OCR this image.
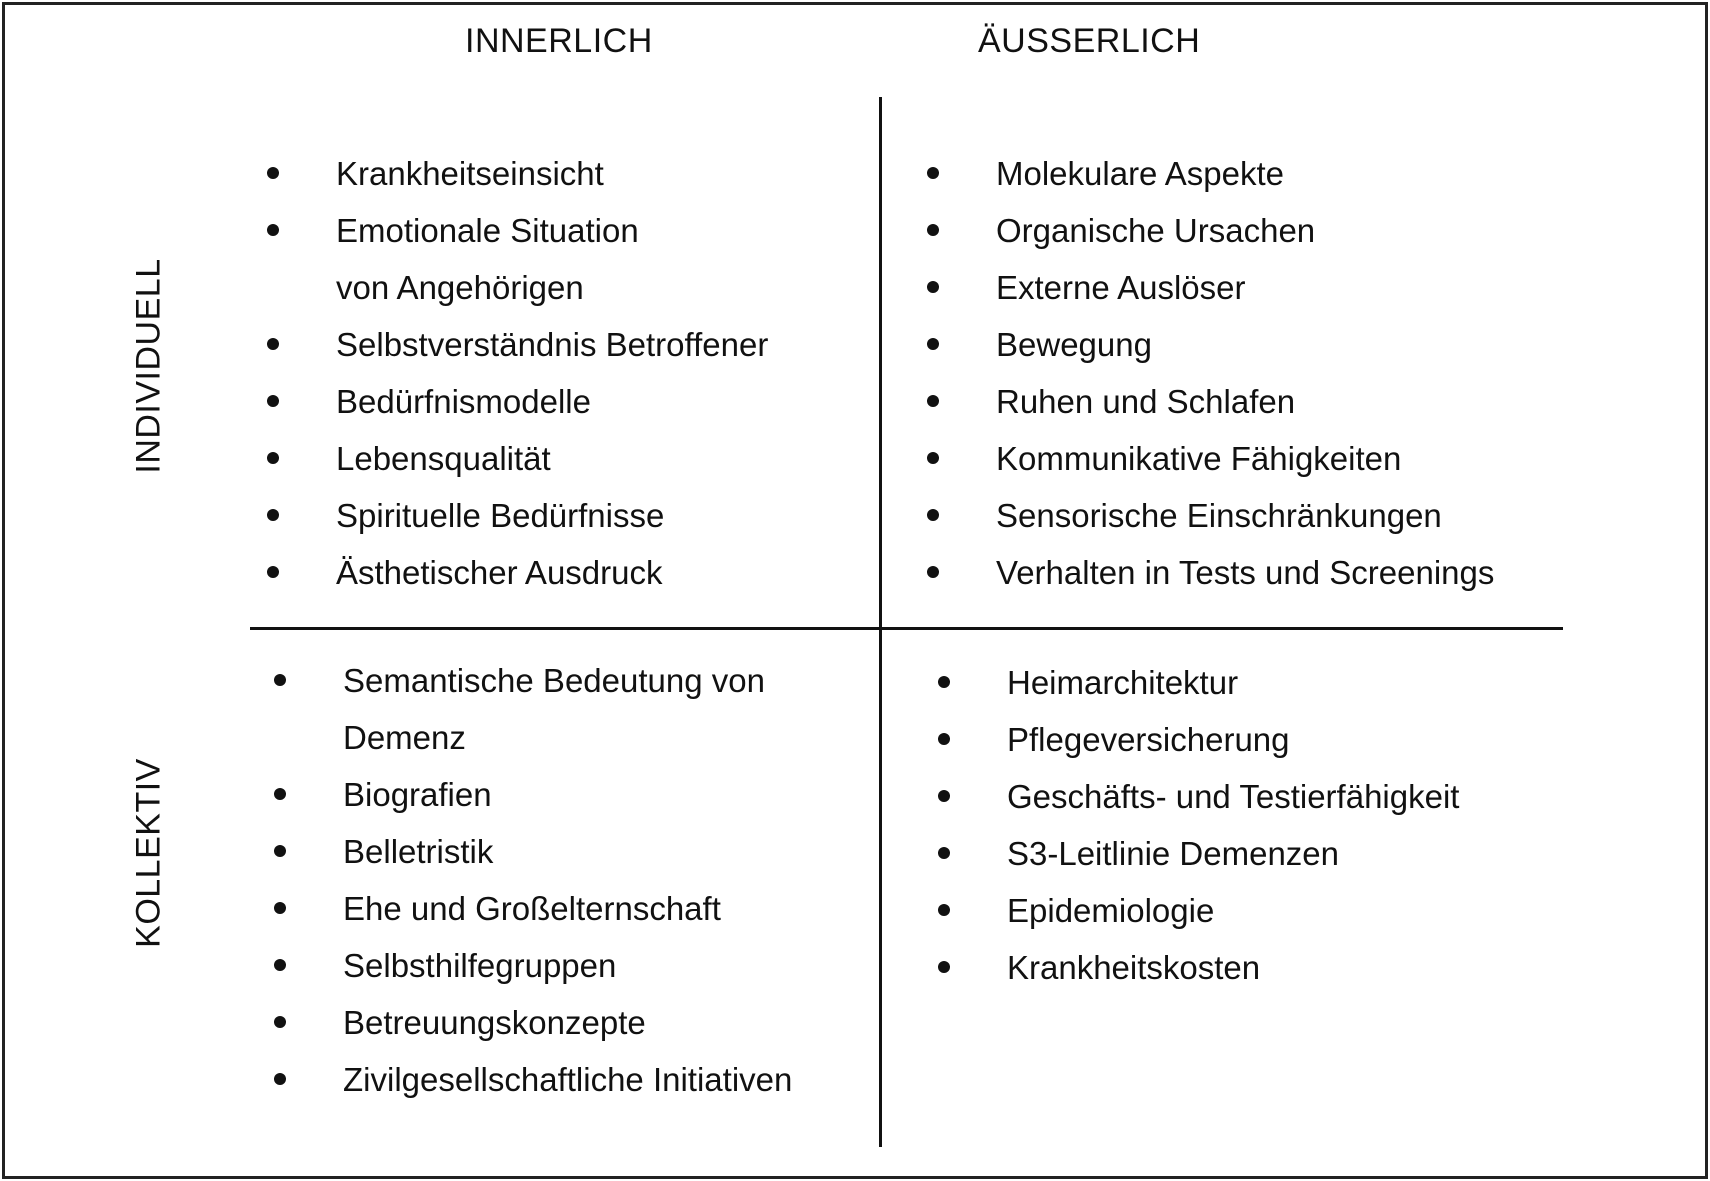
INNERLICH	ÄUSSERLICH
INDIVIDUELL
KOLLEKTIV
Krankheitseinsicht
Emotionale Situation
von Angehörigen
Selbstverständnis Betroffener
Bedürfnismodelle
Lebensqualität
Spirituelle Bedürfnisse
Ästhetischer Ausdruck
Molekulare Aspekte
Organische Ursachen
Externe Auslöser
Bewegung
Ruhen und Schlafen
Kommunikative Fähigkeiten
Sensorische Einschränkungen
Verhalten in Tests und Screenings
Semantische Bedeutung von
Demenz
Biografien
Belletristik
Ehe und Großelternschaft
Selbsthilfegruppen
Betreuungskonzepte
Zivilgesellschaftliche Initiativen
Heimarchitektur
Pflegeversicherung
Geschäfts- und Testierfähigkeit
S3-Leitlinie Demenzen
Epidemiologie
Krankheitskosten
